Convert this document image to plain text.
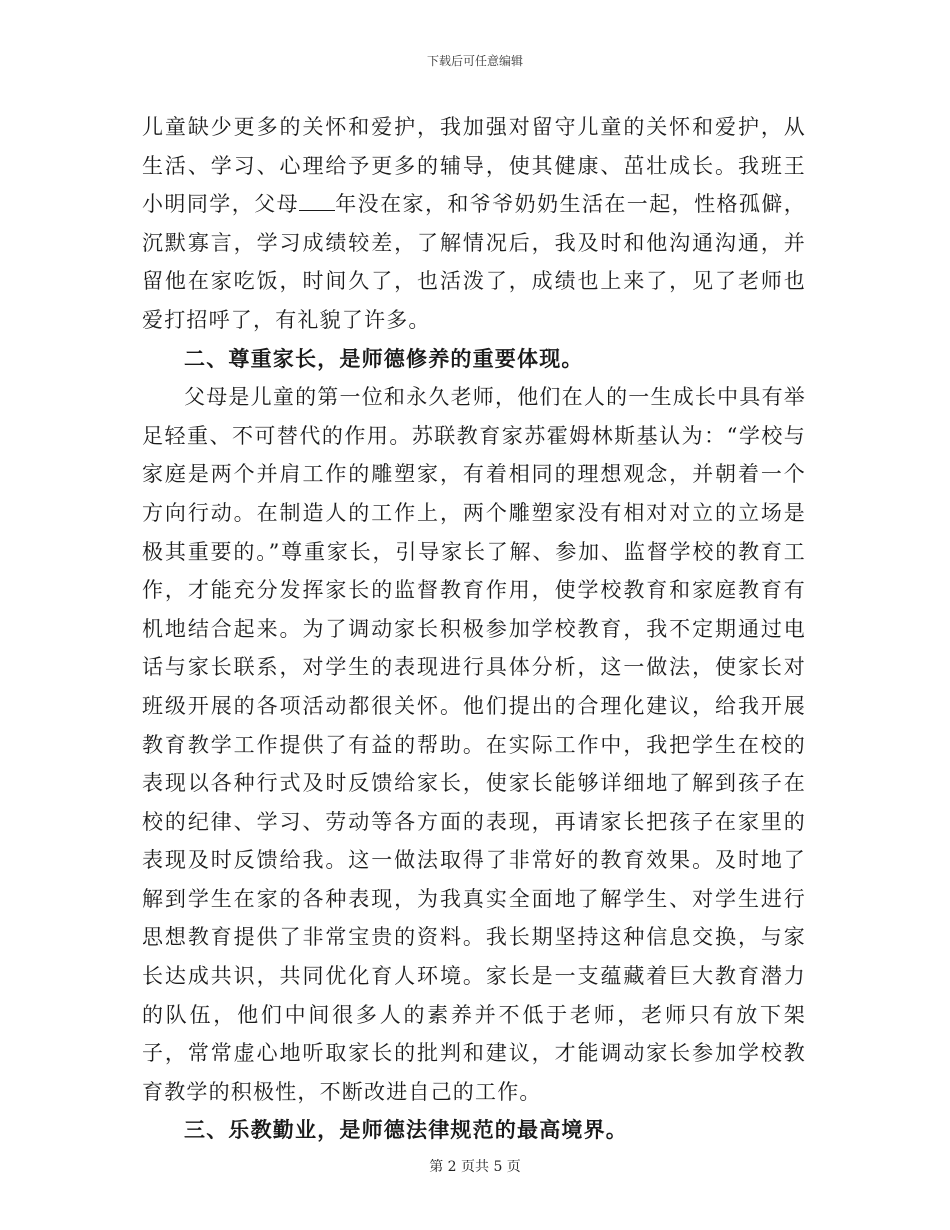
下载后可任意编辑

儿童缺少更多的关怀和爱护，我加强对留守儿童的关怀和爱护，从生活、学习、心理给予更多的辅导，使其健康、茁壮成长。我班王小明同学，父母 年没在家，和爷爷奶奶生活在一起，性格孤僻，沉默寡言，学习成绩较差，了解情况后，我及时和他沟通沟通，并留他在家吃饭，时间久了，也活泼了，成绩也上来了，见了老师也爱打招呼了，有礼貌了许多。

二、尊重家长，是师德修养的重要体现。

父母是儿童的第一位和永久老师，他们在人的一生成长中具有举足轻重、不可替代的作用。苏联教育家苏霍姆林斯基认为：“学校与家庭是两个并肩工作的雕塑家，有着相同的理想观念，并朝着一个方向行动。在制造人的工作上，两个雕塑家没有相对对立的立场是极其重要的。”尊重家长，引导家长了解、参加、监督学校的教育工作，才能充分发挥家长的监督教育作用，使学校教育和家庭教育有机地结合起来。为了调动家长积极参加学校教育，我不定期通过电话与家长联系，对学生的表现进行具体分析，这一做法，使家长对班级开展的各项活动都很关怀。他们提出的合理化建议，给我开展教育教学工作提供了有益的帮助。在实际工作中，我把学生在校的表现以各种行式及时反馈给家长，使家长能够详细地了解到孩子在校的纪律、学习、劳动等各方面的表现，再请家长把孩子在家里的表现及时反馈给我。这一做法取得了非常好的教育效果。及时地了解到学生在家的各种表现，为我真实全面地了解学生、对学生进行思想教育提供了非常宝贵的资料。我长期坚持这种信息交换，与家长达成共识，共同优化育人环境。家长是一支蕴藏着巨大教育潜力的队伍，他们中间很多人的素养并不低于老师，老师只有放下架子，常常虚心地听取家长的批判和建议，才能调动家长参加学校教育教学的积极性，不断改进自己的工作。

三、乐教勤业，是师德法律规范的最高境界。

第 2 页共 5 页
